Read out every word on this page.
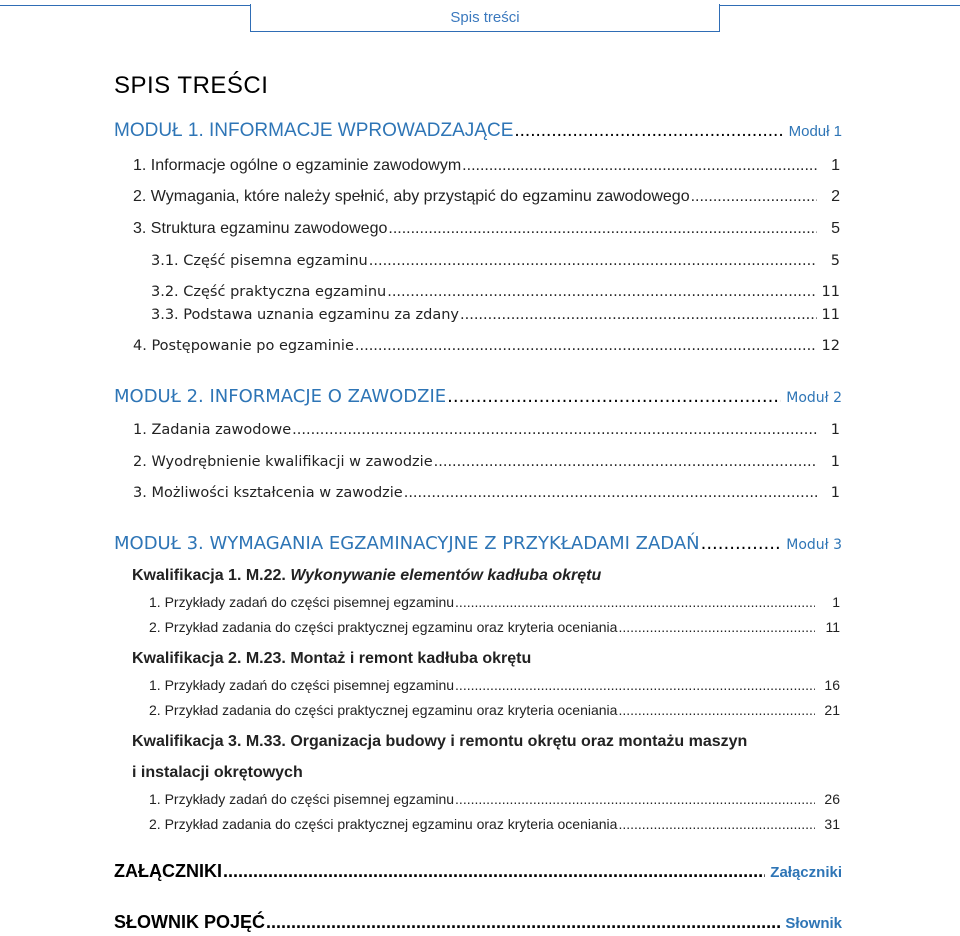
Spis treści
SPIS TREŚCI
MODUŁ 1. INFORMACJE WPROWADZAJĄCE .....	Moduł 1
1. Informacje ogólne o egzaminie zawodowym .....	1
2. Wymagania, które należy spełnić, aby przystąpić do egzaminu zawodowego .....	2
3. Struktura egzaminu zawodowego .....	5
3.1. Część pisemna egzaminu .....	5
3.2. Część praktyczna egzaminu .....	11
3.3. Podstawa uznania egzaminu za zdany .....	11
4. Postępowanie po egzaminie .....	12
MODUŁ 2. INFORMACJE O ZAWODZIE .....	Moduł 2
1. Zadania zawodowe .....	1
2. Wyodrębnienie kwalifikacji w zawodzie .....	1
3. Możliwości kształcenia w zawodzie .....	1
MODUŁ 3. WYMAGANIA EGZAMINACYJNE Z PRZYKŁADAMI ZADAŃ .....	Moduł 3
Kwalifikacja 1. M.22. Wykonywanie elementów kadłuba okrętu
1. Przykłady zadań do części pisemnej egzaminu .....	1
2. Przykład zadania do części praktycznej egzaminu oraz kryteria oceniania .....	11
Kwalifikacja 2. M.23. Montaż i remont kadłuba okrętu
1. Przykłady zadań do części pisemnej egzaminu .....	16
2. Przykład zadania do części praktycznej egzaminu oraz kryteria oceniania .....	21
Kwalifikacja 3. M.33. Organizacja budowy i remontu okrętu oraz montażu maszyn
i instalacji okrętowych
1. Przykłady zadań do części pisemnej egzaminu .....	26
2. Przykład zadania do części praktycznej egzaminu oraz kryteria oceniania .....	31
ZAŁĄCZNIKI .....	Załączniki
SŁOWNIK POJĘĆ .....	Słownik
